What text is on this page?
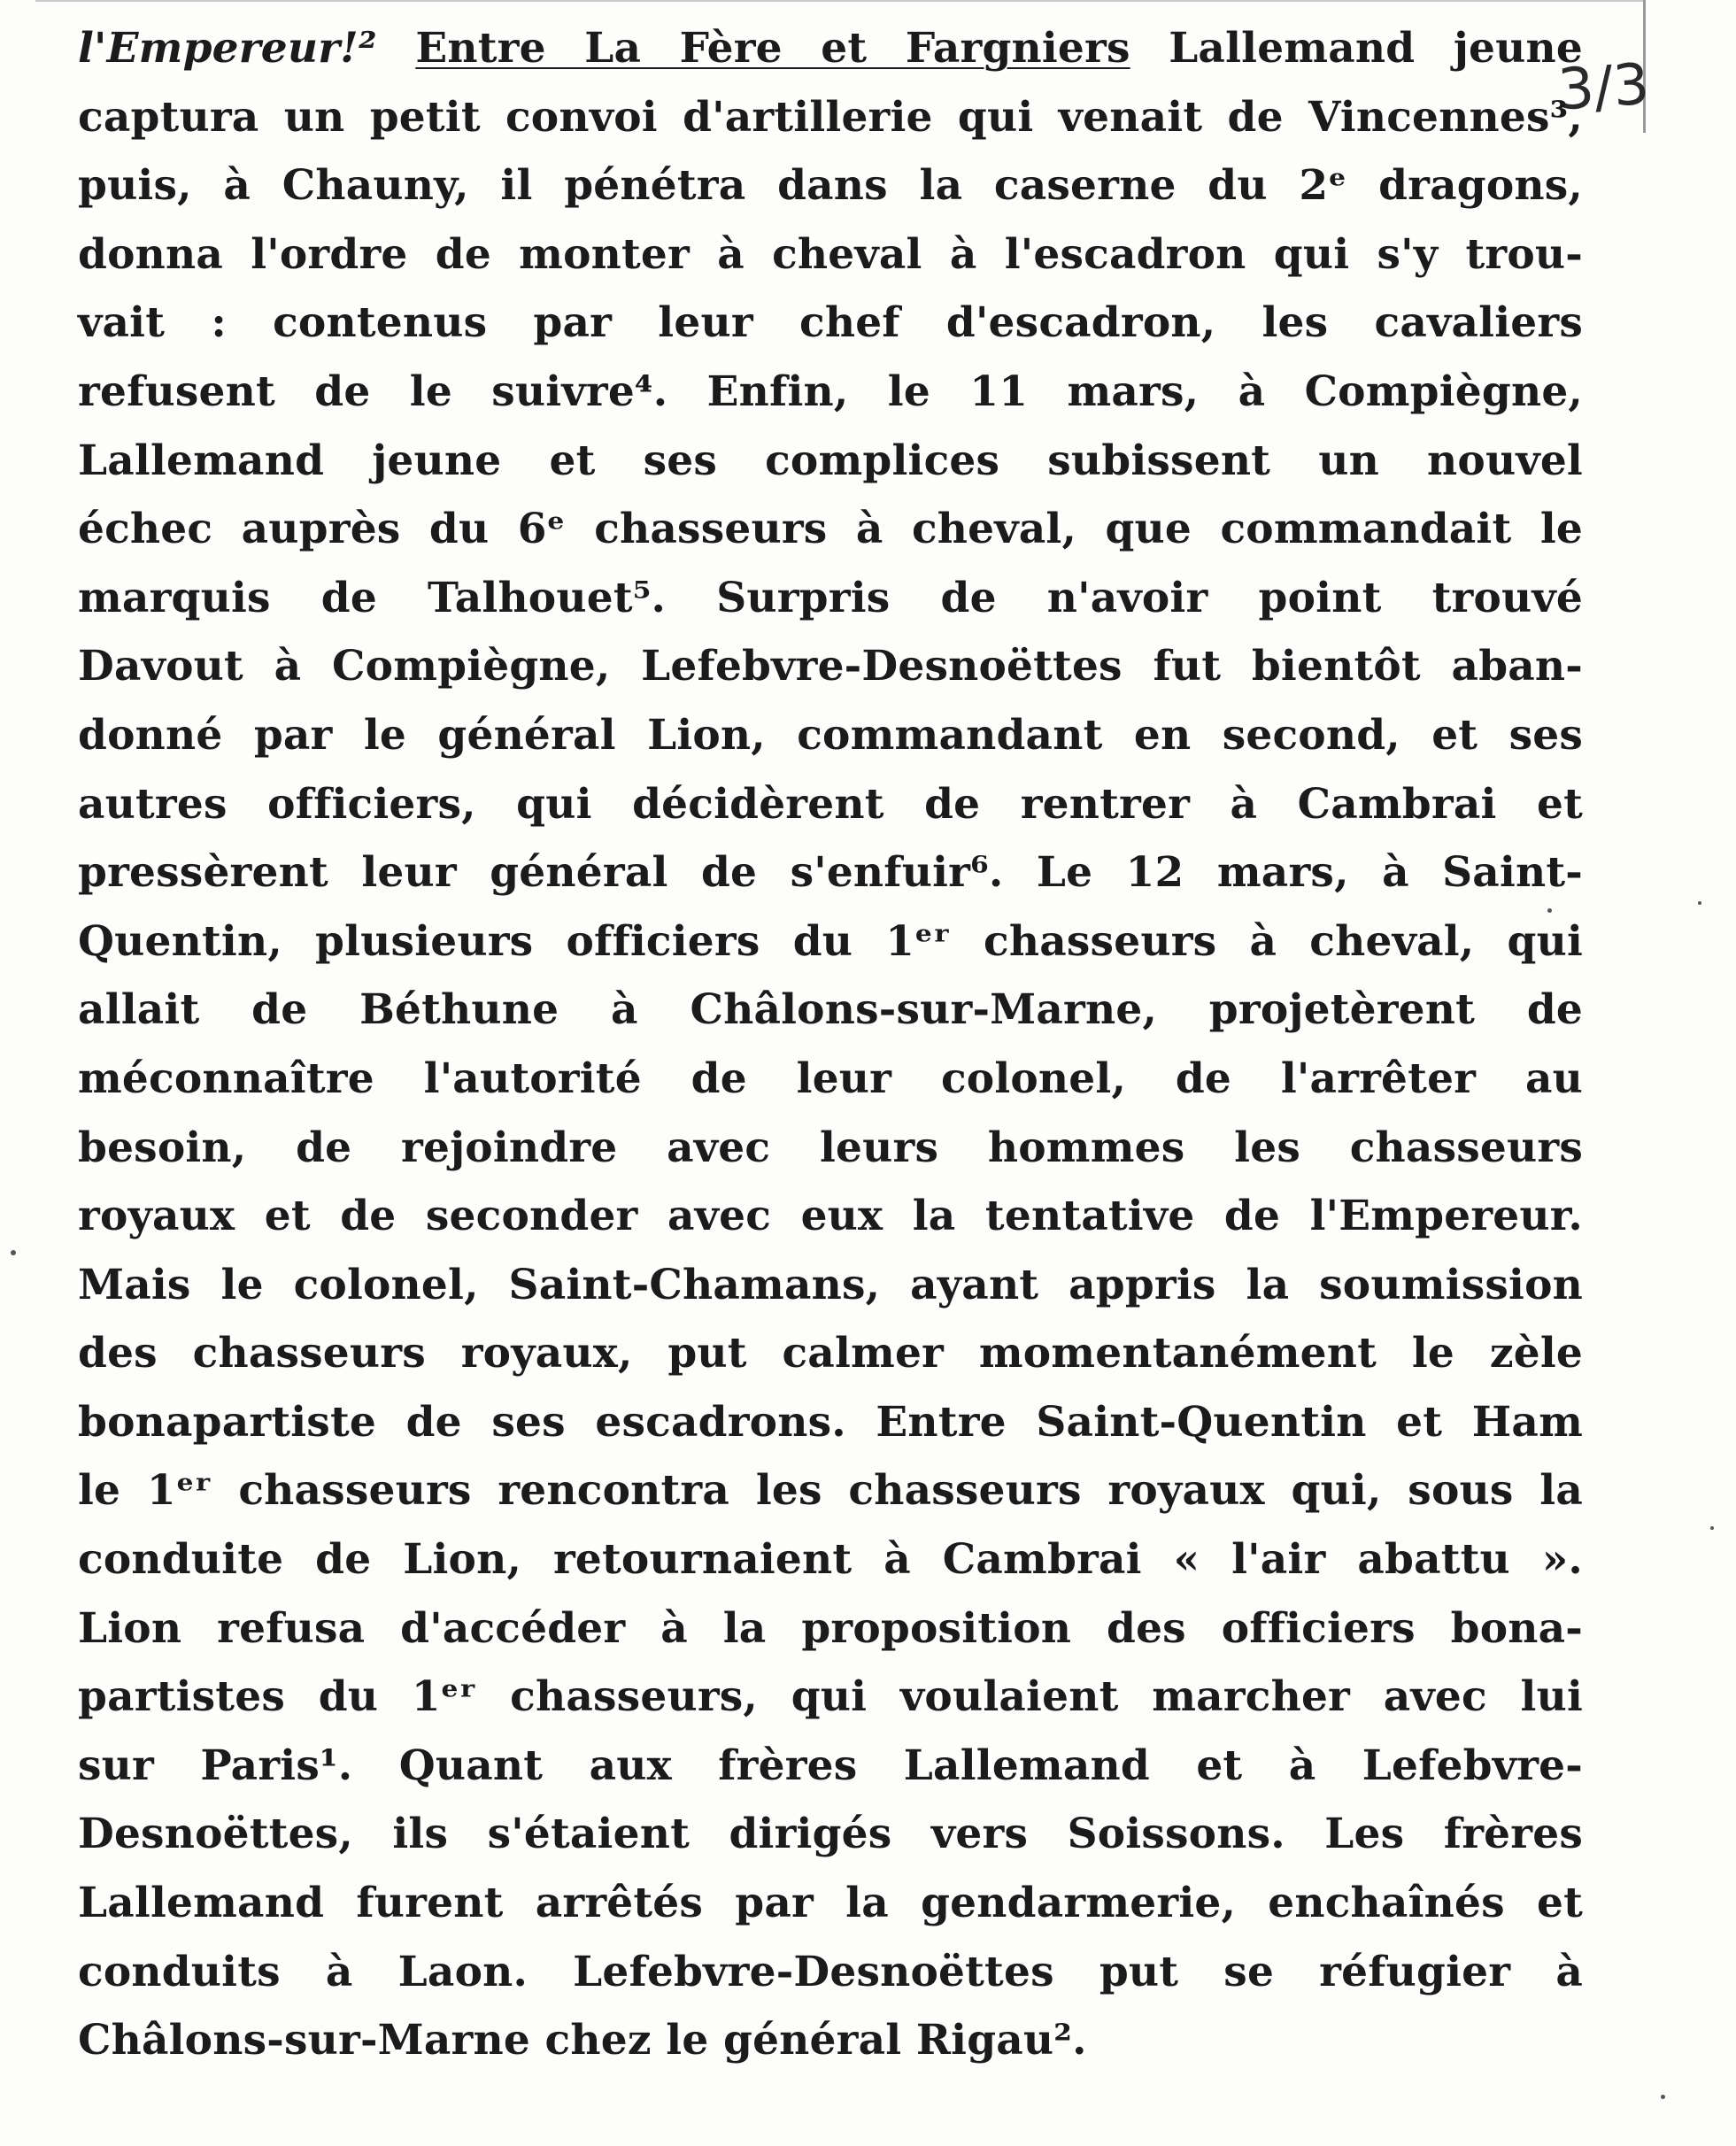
3/3
l'Empereur!² Entre La Fère et Fargniers Lallemand jeune
captura un petit convoi d'artillerie qui venait de Vincennes³,
puis, à Chauny, il pénétra dans la caserne du 2ᵉ dragons,
donna l'ordre de monter à cheval à l'escadron qui s'y trou-
vait : contenus par leur chef d'escadron, les cavaliers
refusent de le suivre⁴. Enfin, le 11 mars, à Compiègne,
Lallemand jeune et ses complices subissent un nouvel
échec auprès du 6ᵉ chasseurs à cheval, que commandait le
marquis de Talhouet⁵. Surpris de n'avoir point trouvé
Davout à Compiègne, Lefebvre-Desnoëttes fut bientôt aban-
donné par le général Lion, commandant en second, et ses
autres officiers, qui décidèrent de rentrer à Cambrai et
pressèrent leur général de s'enfuir⁶. Le 12 mars, à Saint-
Quentin, plusieurs officiers du 1ᵉʳ chasseurs à cheval, qui
allait de Béthune à Châlons-sur-Marne, projetèrent de
méconnaître l'autorité de leur colonel, de l'arrêter au
besoin, de rejoindre avec leurs hommes les chasseurs
royaux et de seconder avec eux la tentative de l'Empereur.
Mais le colonel, Saint-Chamans, ayant appris la soumission
des chasseurs royaux, put calmer momentanément le zèle
bonapartiste de ses escadrons. Entre Saint-Quentin et Ham
le 1ᵉʳ chasseurs rencontra les chasseurs royaux qui, sous la
conduite de Lion, retournaient à Cambrai « l'air abattu ».
Lion refusa d'accéder à la proposition des officiers bona-
partistes du 1ᵉʳ chasseurs, qui voulaient marcher avec lui
sur Paris¹. Quant aux frères Lallemand et à Lefebvre-
Desnoëttes, ils s'étaient dirigés vers Soissons. Les frères
Lallemand furent arrêtés par la gendarmerie, enchaînés et
conduits à Laon. Lefebvre-Desnoëttes put se réfugier à
Châlons-sur-Marne chez le général Rigau².
